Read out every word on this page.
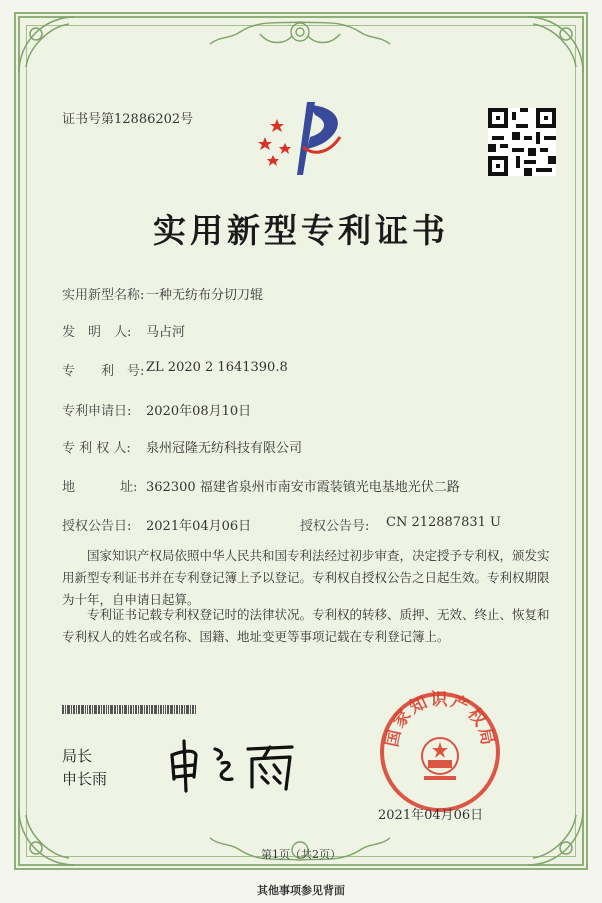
证书号第12886202号
实用新型专利证书
实用新型名称: 一种无纺布分切刀辊
发　明　人: 马占河
专　　利　号: ZL 2020 2 1641390.8
专利申请日: 2020年08月10日
专 利 权 人: 泉州冠隆无纺科技有限公司
地	址: 362300 福建省泉州市南安市霞装镇光电基地光伏二路
授权公告日: 2021年04月06日	授权公告号: CN 212887831 U
国家知识产权局依照中华人民共和国专利法经过初步审查，决定授予专利权，颁发实用新型专利证书并在专利登记簿上予以登记。专利权自授权公告之日起生效。专利权期限为十年，自申请日起算。
专利证书记载专利权登记时的法律状况。专利权的转移、质押、无效、终止、恢复和专利权人的姓名或名称、国籍、地址变更等事项记载在专利登记簿上。
局长
申长雨
国家知识产权局
2021年04月06日
第1页（共2页）
其他事项参见背面
